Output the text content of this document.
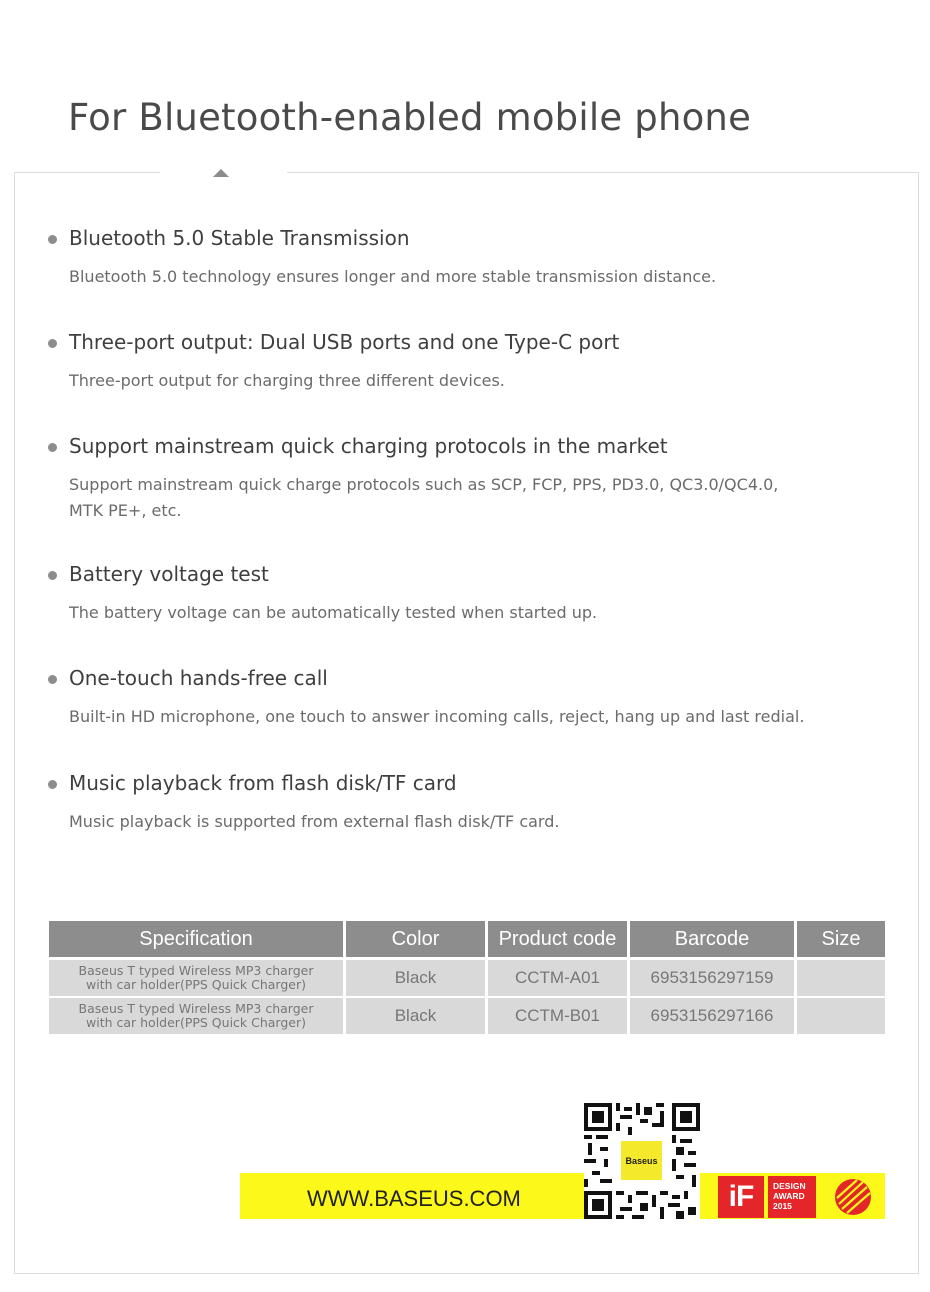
For Bluetooth-enabled mobile phone
Bluetooth 5.0 Stable Transmission
Bluetooth 5.0 technology ensures longer and more stable transmission distance.
Three-port output: Dual USB ports and one Type-C port
Three-port output for charging three different devices.
Support mainstream quick charging protocols in the market
Support mainstream quick charge protocols such as SCP, FCP, PPS, PD3.0, QC3.0/QC4.0, MTK PE+, etc.
Battery voltage test
The battery voltage can be automatically tested when started up.
One-touch hands-free call
Built-in HD microphone, one touch to answer incoming calls, reject, hang up and last redial.
Music playback from flash disk/TF card
Music playback is supported from external flash disk/TF card.
Specification	Color	Product code	Barcode	Size
Baseus T typed Wireless MP3 charger
with car holder(PPS Quick Charger)	Black	CCTM-A01	6953156297159
Baseus T typed Wireless MP3 charger
with car holder(PPS Quick Charger)	Black	CCTM-B01	6953156297166
WWW.BASEUS.COM
Baseus
iF	DESIGN
AWARD
2015
